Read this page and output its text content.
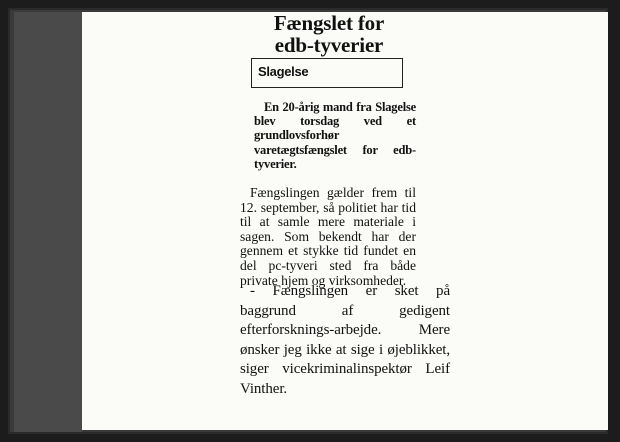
Fængslet for
edb-tyverier
Slagelse

En 20-årig mand fra Slagelse blev torsdag ved et grundlovsforhør varetægtsfængslet for edb-tyverier.

Fængslingen gælder frem til 12. september, så politiet har tid til at samle mere materiale i sagen. Som bekendt har der gennem et stykke tid fundet en del pc-tyveri sted fra både private hjem og virksomheder.

- Fængslingen er sket på baggrund af gedigent efterforsknings-arbejde. Mere ønsker jeg ikke at sige i øjeblikket, siger vicekriminalinspektør Leif Vinther.
